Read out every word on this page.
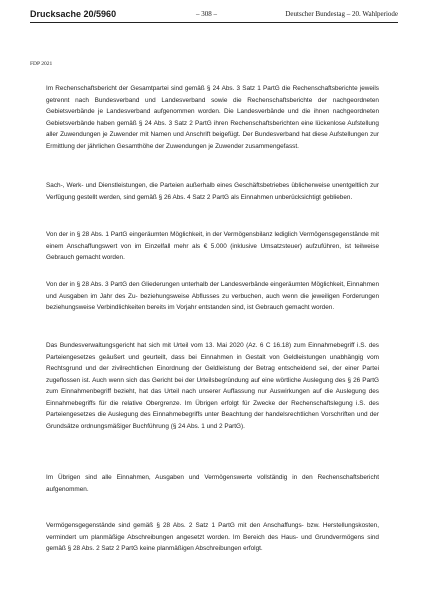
Drucksache 20/5960	– 308 –	Deutscher Bundestag – 20. Wahlperiode
FDP 2021

Im Rechenschaftsbericht der Gesamtpartei sind gemäß § 24 Abs. 3 Satz 1 PartG die Rechenschaftsberichte jeweils getrennt nach Bundesverband und Landesverband sowie die Rechenschaftsberichte der nachgeordneten Gebietsverbände je Landesverband aufgenommen worden. Die Landesverbände und die ihnen nachgeordneten Gebietsverbände haben gemäß § 24 Abs. 3 Satz 2 PartG ihren Rechenschaftsberichten eine lückenlose Aufstellung aller Zuwendungen je Zuwender mit Namen und Anschrift beigefügt. Der Bundesverband hat diese Aufstellungen zur Ermittlung der jährlichen Gesamthöhe der Zuwendungen je Zuwender zusammengefasst.

Sach-, Werk- und Dienstleistungen, die Parteien außerhalb eines Geschäftsbetriebes üblicherweise unentgeltlich zur Verfügung gestellt werden, sind gemäß § 26 Abs. 4 Satz 2 PartG als Einnahmen unberücksichtigt geblieben.

Von der in § 28 Abs. 1 PartG eingeräumten Möglichkeit, in der Vermögensbilanz lediglich Vermögensgegenstände mit einem Anschaffungswert von im Einzelfall mehr als € 5.000 (inklusive Umsatzsteuer) aufzuführen, ist teilweise Gebrauch gemacht worden.

Von der in § 28 Abs. 3 PartG den Gliederungen unterhalb der Landesverbände eingeräumten Möglichkeit, Einnahmen und Ausgaben im Jahr des Zu- beziehungsweise Abflusses zu verbuchen, auch wenn die jeweiligen Forderungen beziehungsweise Verbindlichkeiten bereits im Vorjahr entstanden sind, ist Gebrauch gemacht worden.

Das Bundesverwaltungsgericht hat sich mit Urteil vom 13. Mai 2020 (Az. 6 C 16.18) zum Einnahmebegriff i.S. des Parteiengesetzes geäußert und geurteilt, dass bei Einnahmen in Gestalt von Geldleistungen unabhängig vom Rechtsgrund und der zivilrechtlichen Einordnung der Geldleistung der Betrag entscheidend sei, der einer Partei zugeflossen ist. Auch wenn sich das Gericht bei der Urteilsbegründung auf eine wörtliche Auslegung des § 26 PartG zum Einnahmenbegriff bezieht, hat das Urteil nach unserer Auffassung nur Auswirkungen auf die Auslegung des Einnahmebegriffs für die relative Obergrenze. Im Übrigen erfolgt für Zwecke der Rechenschaftslegung i.S. des Parteiengesetzes die Auslegung des Einnahmebegriffs unter Beachtung der handelsrechtlichen Vorschriften und der Grundsätze ordnungsmäßiger Buchführung (§ 24 Abs. 1 und 2 PartG).

Im Übrigen sind alle Einnahmen, Ausgaben und Vermögenswerte vollständig in den Rechenschaftsbericht aufgenommen.

Vermögensgegenstände sind gemäß § 28 Abs. 2 Satz 1 PartG mit den Anschaffungs- bzw. Herstellungskosten, vermindert um planmäßige Abschreibungen angesetzt worden. Im Bereich des Haus- und Grundvermögens sind gemäß § 28 Abs. 2 Satz 2 PartG keine planmäßigen Abschreibungen erfolgt.
